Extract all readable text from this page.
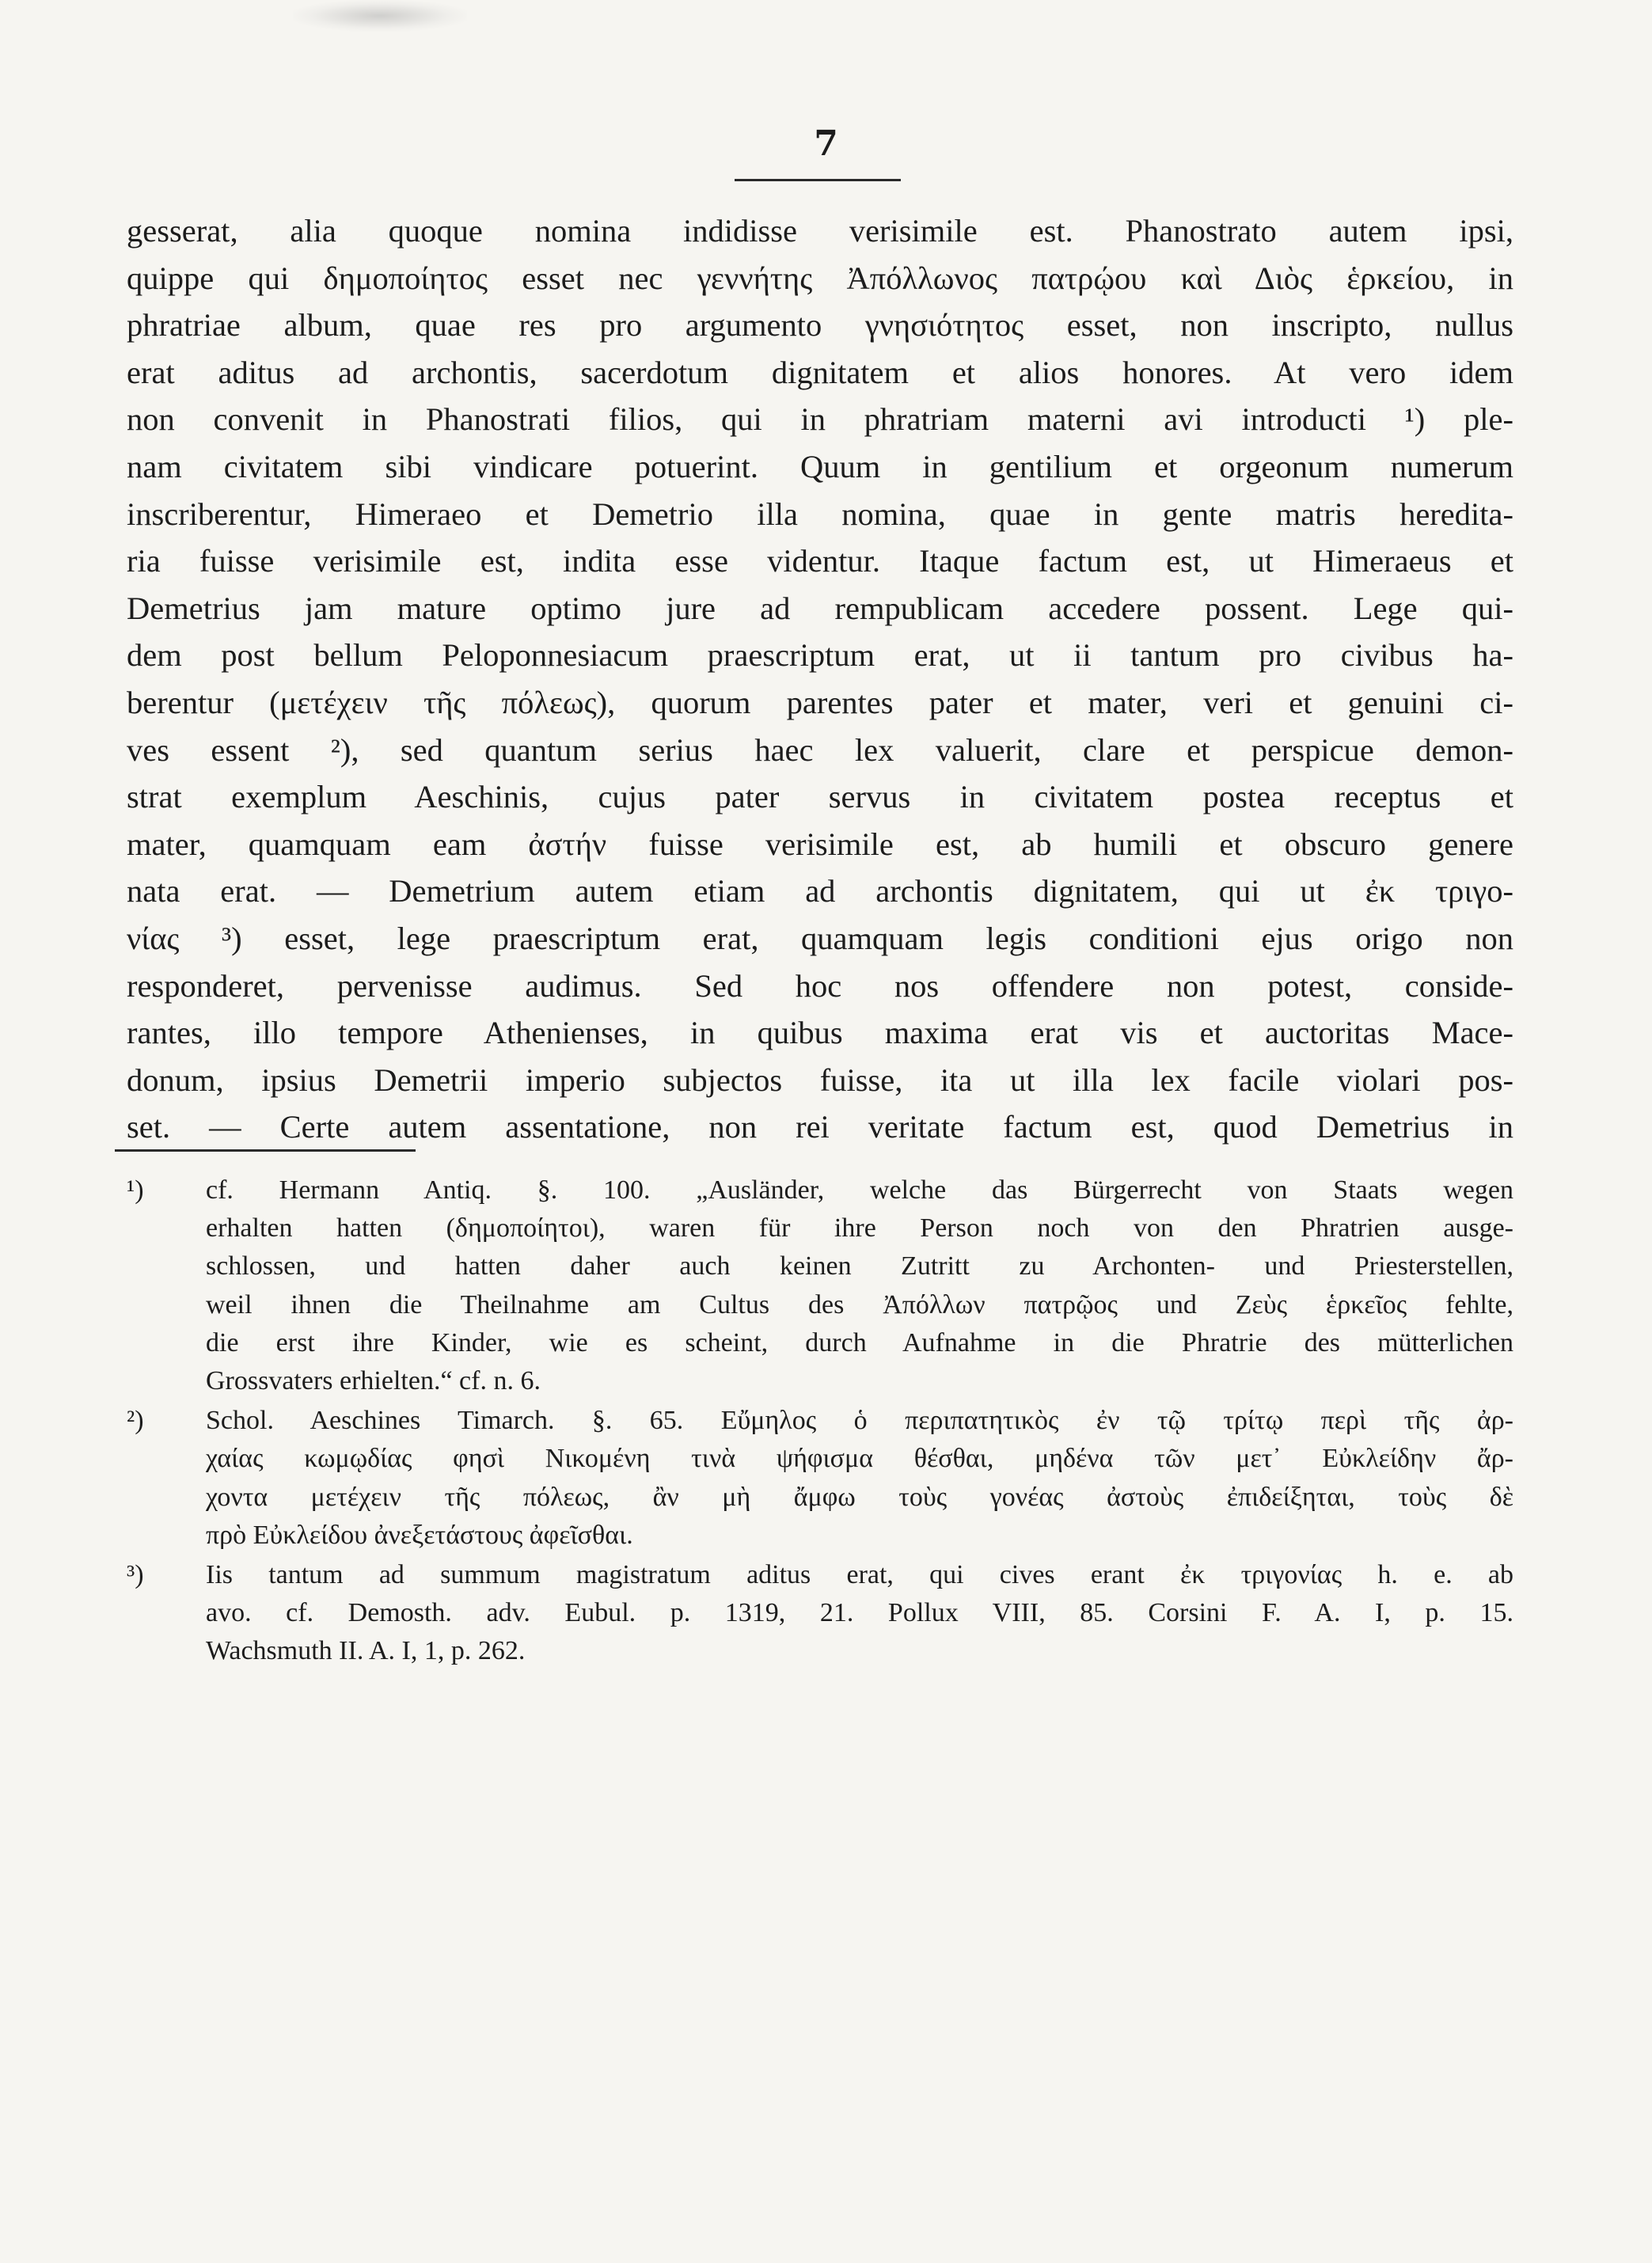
7
gesserat, alia quoque nomina indidisse verisimile est. Phanostrato autem ipsi,
quippe qui δημοποίητος esset nec γεννήτης Ἀπόλλωνος πατρῴου καὶ Διὸς ἑρκείου, in
phratriae album, quae res pro argumento γνησιότητος esset, non inscripto, nullus
erat aditus ad archontis, sacerdotum dignitatem et alios honores. At vero idem
non convenit in Phanostrati filios, qui in phratriam materni avi introducti ¹) ple-
nam civitatem sibi vindicare potuerint. Quum in gentilium et orgeonum numerum
inscriberentur, Himeraeo et Demetrio illa nomina, quae in gente matris heredita-
ria fuisse verisimile est, indita esse videntur. Itaque factum est, ut Himeraeus et
Demetrius jam mature optimo jure ad rempublicam accedere possent. Lege qui-
dem post bellum Peloponnesiacum praescriptum erat, ut ii tantum pro civibus ha-
berentur (μετέχειν τῆς πόλεως), quorum parentes pater et mater, veri et genuini ci-
ves essent ²), sed quantum serius haec lex valuerit, clare et perspicue demon-
strat exemplum Aeschinis, cujus pater servus in civitatem postea receptus et
mater, quamquam eam ἀστήν fuisse verisimile est, ab humili et obscuro genere
nata erat. — Demetrium autem etiam ad archontis dignitatem, qui ut ἐκ τριγο-
νίας ³) esset, lege praescriptum erat, quamquam legis conditioni ejus origo non
responderet, pervenisse audimus. Sed hoc nos offendere non potest, conside-
rantes, illo tempore Athenienses, in quibus maxima erat vis et auctoritas Mace-
donum, ipsius Demetrii imperio subjectos fuisse, ita ut illa lex facile violari pos-
set. — Certe autem assentatione, non rei veritate factum est, quod Demetrius in
¹)	cf. Hermann Antiq. §. 100. „Ausländer, welche das Bürgerrecht von Staats wegen
erhalten hatten (δημοποίητοι), waren für ihre Person noch von den Phratrien ausge-
schlossen, und hatten daher auch keinen Zutritt zu Archonten- und Priesterstellen,
weil ihnen die Theilnahme am Cultus des Ἀπόλλων πατρῷος und Ζεὺς ἑρκεῖος fehlte,
die erst ihre Kinder, wie es scheint, durch Aufnahme in die Phratrie des mütterlichen
Grossvaters erhielten.“ cf. n. 6.
²)	Schol. Aeschines Timarch. §. 65. Εὔμηλος ὁ περιπατητικὸς ἐν τῷ τρίτῳ περὶ τῆς ἀρ-
χαίας κωμῳδίας φησὶ Νικομένη τινὰ ψήφισμα θέσθαι, μηδένα τῶν μετ᾽ Εὐκλείδην ἄρ-
χοντα μετέχειν τῆς πόλεως, ἂν μὴ ἄμφω τοὺς γονέας ἀστοὺς ἐπιδείξηται, τοὺς δὲ
πρὸ Εὐκλείδου ἀνεξετάστους ἀφεῖσθαι.
³)	Iis tantum ad summum magistratum aditus erat, qui cives erant ἐκ τριγονίας h. e. ab
avo. cf. Demosth. adv. Eubul. p. 1319, 21. Pollux VIII, 85. Corsini F. A. I, p. 15.
Wachsmuth II. A. I, 1, p. 262.
